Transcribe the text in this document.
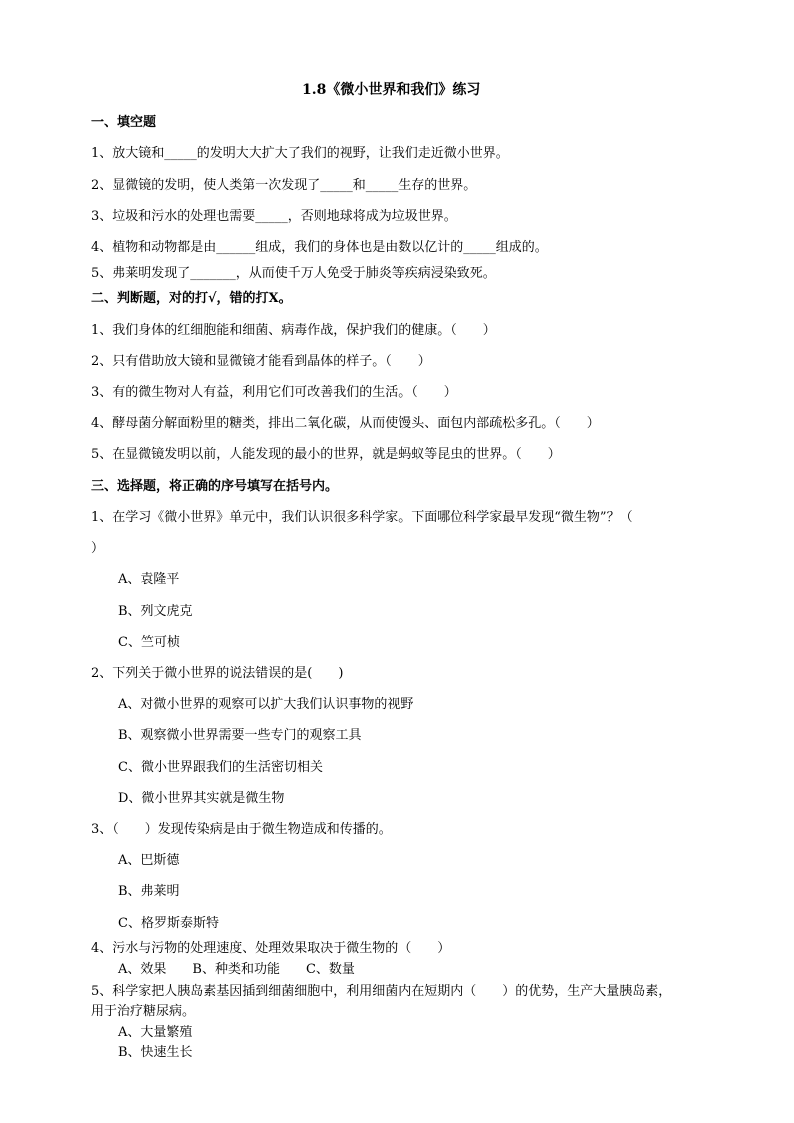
1.8《微小世界和我们》练习
一、填空题
1、放大镜和_____的发明大大扩大了我们的视野，让我们走近微小世界。
2、显微镜的发明，使人类第一次发现了_____和_____生存的世界。
3、垃圾和污水的处理也需要_____，否则地球将成为垃圾世界。
4、植物和动物都是由______组成，我们的身体也是由数以亿计的_____组成的。
5、弗莱明发现了_______，从而使千万人免受于肺炎等疾病浸染致死。
二、判断题，对的打√，错的打X。
1、我们身体的红细胞能和细菌、病毒作战，保护我们的健康。（　　）
2、只有借助放大镜和显微镜才能看到晶体的样子。（　　）
3、有的微生物对人有益，利用它们可改善我们的生活。（　　）
4、酵母菌分解面粉里的糖类，排出二氧化碳，从而使馒头、面包内部疏松多孔。（　　）
5、在显微镜发明以前，人能发现的最小的世界，就是蚂蚁等昆虫的世界。（　　）
三、选择题，将正确的序号填写在括号内。
1、在学习《微小世界》单元中，我们认识很多科学家。下面哪位科学家最早发现“微生物”？（
）
A、袁隆平
B、列文虎克
C、竺可桢
2、下列关于微小世界的说法错误的是(　　)
A、对微小世界的观察可以扩大我们认识事物的视野
B、观察微小世界需要一些专门的观察工具
C、微小世界跟我们的生活密切相关
D、微小世界其实就是微生物
3、（　　）发现传染病是由于微生物造成和传播的。
A、巴斯德
B、弗莱明
C、格罗斯泰斯特
4、污水与污物的处理速度、处理效果取决于微生物的（　　）
A、效果　　B、种类和功能　　C、数量
5、科学家把人胰岛素基因插到细菌细胞中，利用细菌内在短期内（　　）的优势，生产大量胰岛素，
用于治疗糖尿病。
A、大量繁殖
B、快速生长
